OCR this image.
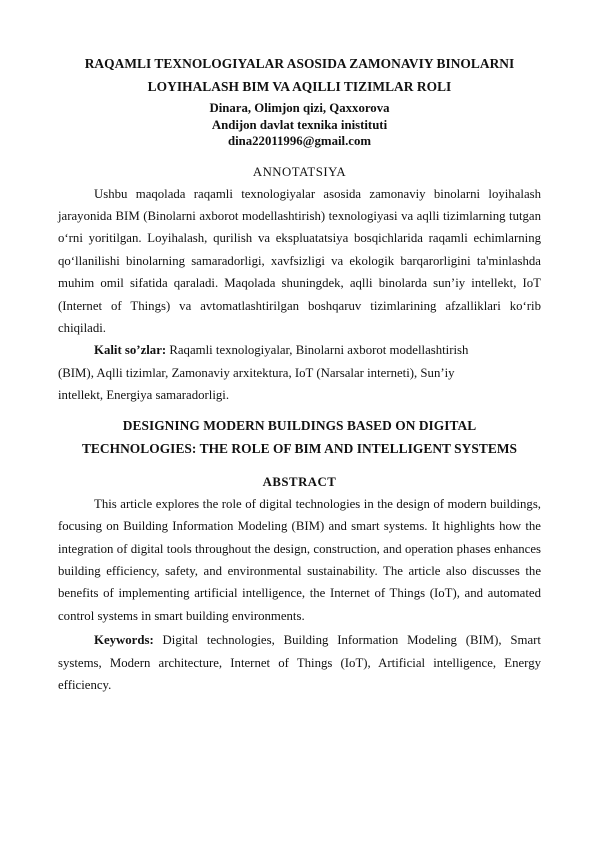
RAQAMLI TEXNOLOGIYALAR ASOSIDA ZAMONAVIY BINOLARNI
LOYIHALASH BIM VA AQILLI TIZIMLAR ROLI
Dinara, Olimjon qizi, Qaxxorova
Andijon davlat texnika inistituti
dina22011996@gmail.com
ANNOTATSIYA

Ushbu maqolada raqamli texnologiyalar asosida zamonaviy binolarni loyihalash jarayonida BIM (Binolarni axborot modellashtirish) texnologiyasi va aqlli tizimlarning tutgan o‘rni yoritilgan. Loyihalash, qurilish va ekspluatatsiya bosqichlarida raqamli echimlarning qo‘llanilishi binolarning samaradorligi, xavfsizligi va ekologik barqarorligini ta'minlashda muhim omil sifatida qaraladi. Maqolada shuningdek, aqlli binolarda sun’iy intellekt, IoT (Internet of Things) va avtomatlashtirilgan boshqaruv tizimlarining afzalliklari ko‘rib chiqiladi.

Kalit so’zlar: Raqamli texnologiyalar, Binolarni axborot modellashtirish

(BIM), Aqlli tizimlar, Zamonaviy arxitektura, IoT (Narsalar interneti), Sun’iy

intellekt, Energiya samaradorligi.

DESIGNING MODERN BUILDINGS BASED ON DIGITAL
TECHNOLOGIES: THE ROLE OF BIM AND INTELLIGENT SYSTEMS
ABSTRACT

This article explores the role of digital technologies in the design of modern buildings, focusing on Building Information Modeling (BIM) and smart systems. It highlights how the integration of digital tools throughout the design, construction, and operation phases enhances building efficiency, safety, and environmental sustainability. The article also discusses the benefits of implementing artificial intelligence, the Internet of Things (IoT), and automated control systems in smart building environments.

Keywords: Digital technologies, Building Information Modeling (BIM), Smart systems, Modern architecture, Internet of Things (IoT), Artificial intelligence, Energy efficiency.
